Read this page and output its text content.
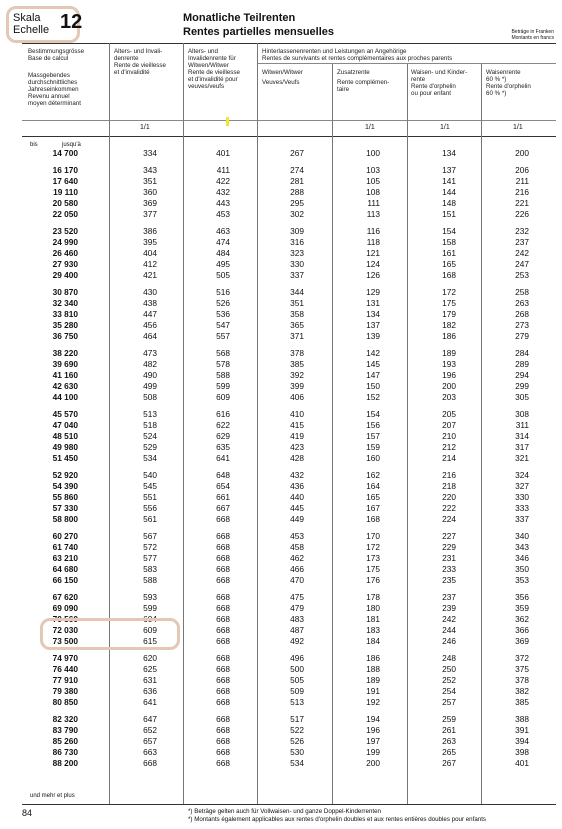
Skala
Echelle 12	Monatliche Teilrenten
Rentes partielles mensuelles	Beträge in Franken
Montants en francs
Bestimmungsgrösse
Base de calcul
Massgebendes
durchschnittliches
Jahreseinkommen
Revenu annuel
moyen déterminant
Alters- und Invali-
denrente
Rente de vieillesse
et d'invalidité
Alters- und
Invalidenrente für
Witwen/Witwer
Rente de vieillesse
et d'invalidité pour
veuves/veufs
Hinterlassenenrenten und Leistungen an Angehörige
Rentes de survivants et rentes complémentaires aux proches parents
Witwen/Witwer
Veuves/Veufs
Zusatzrente
Rente complémen-
taire
Waisen- und Kinder-
rente
Rente d'orphelin
ou pour enfant
Waisenrente
60 % *)
Rente d'orphelin
60 % *)
1/1	1/1	1/1	1/1
bis	jusqu'à
14 700	334	401	267	100	134	200
16 170	343	411	274	103	137	206
17 640	351	422	281	105	141	211
19 110	360	432	288	108	144	216
20 580	369	443	295	111	148	221
22 050	377	453	302	113	151	226
23 520	386	463	309	116	154	232
24 990	395	474	316	118	158	237
26 460	404	484	323	121	161	242
27 930	412	495	330	124	165	247
29 400	421	505	337	126	168	253
30 870	430	516	344	129	172	258
32 340	438	526	351	131	175	263
33 810	447	536	358	134	179	268
35 280	456	547	365	137	182	273
36 750	464	557	371	139	186	279
38 220	473	568	378	142	189	284
39 690	482	578	385	145	193	289
41 160	490	588	392	147	196	294
42 630	499	599	399	150	200	299
44 100	508	609	406	152	203	305
45 570	513	616	410	154	205	308
47 040	518	622	415	156	207	311
48 510	524	629	419	157	210	314
49 980	529	635	423	159	212	317
51 450	534	641	428	160	214	321
52 920	540	648	432	162	216	324
54 390	545	654	436	164	218	327
55 860	551	661	440	165	220	330
57 330	556	667	445	167	222	333
58 800	561	668	449	168	224	337
60 270	567	668	453	170	227	340
61 740	572	668	458	172	229	343
63 210	577	668	462	173	231	346
64 680	583	668	466	175	233	350
66 150	588	668	470	176	235	353
67 620	593	668	475	178	237	356
69 090	599	668	479	180	239	359
70 560	604	668	483	181	242	362
72 030	609	668	487	183	244	366
73 500	615	668	492	184	246	369
74 970	620	668	496	186	248	372
76 440	625	668	500	188	250	375
77 910	631	668	505	189	252	378
79 380	636	668	509	191	254	382
80 850	641	668	513	192	257	385
82 320	647	668	517	194	259	388
83 790	652	668	522	196	261	391
85 260	657	668	526	197	263	394
86 730	663	668	530	199	265	398
88 200	668	668	534	200	267	401
und mehr et plus
84	*) Beträge gelten auch für Vollwaisen- und ganze Doppel-Kinderrenten
*) Montants également applicables aux rentes d'orphelin doubles et aux rentes entières doubles pour enfants
